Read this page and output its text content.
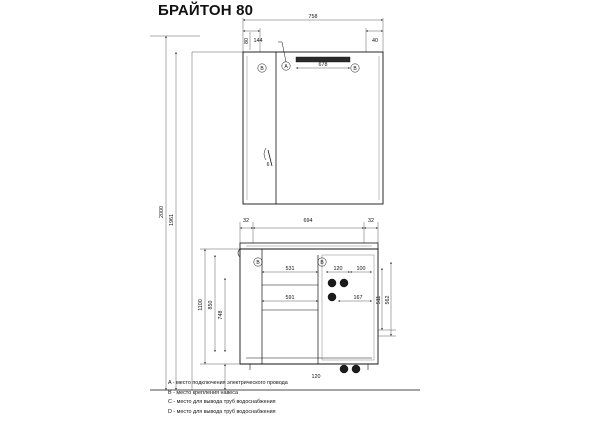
БРАЙТОН 80	758
144	40
678
32	694	32
531
591
120	100
167
120
2000
1961
1100 850
748
511 562
80
A
B	B
6
B	B
A - место подключения электрического провода
B - место крепления навеса
C - место для вывода труб водоснабжения
D - место для вывода труб водоснабжения
